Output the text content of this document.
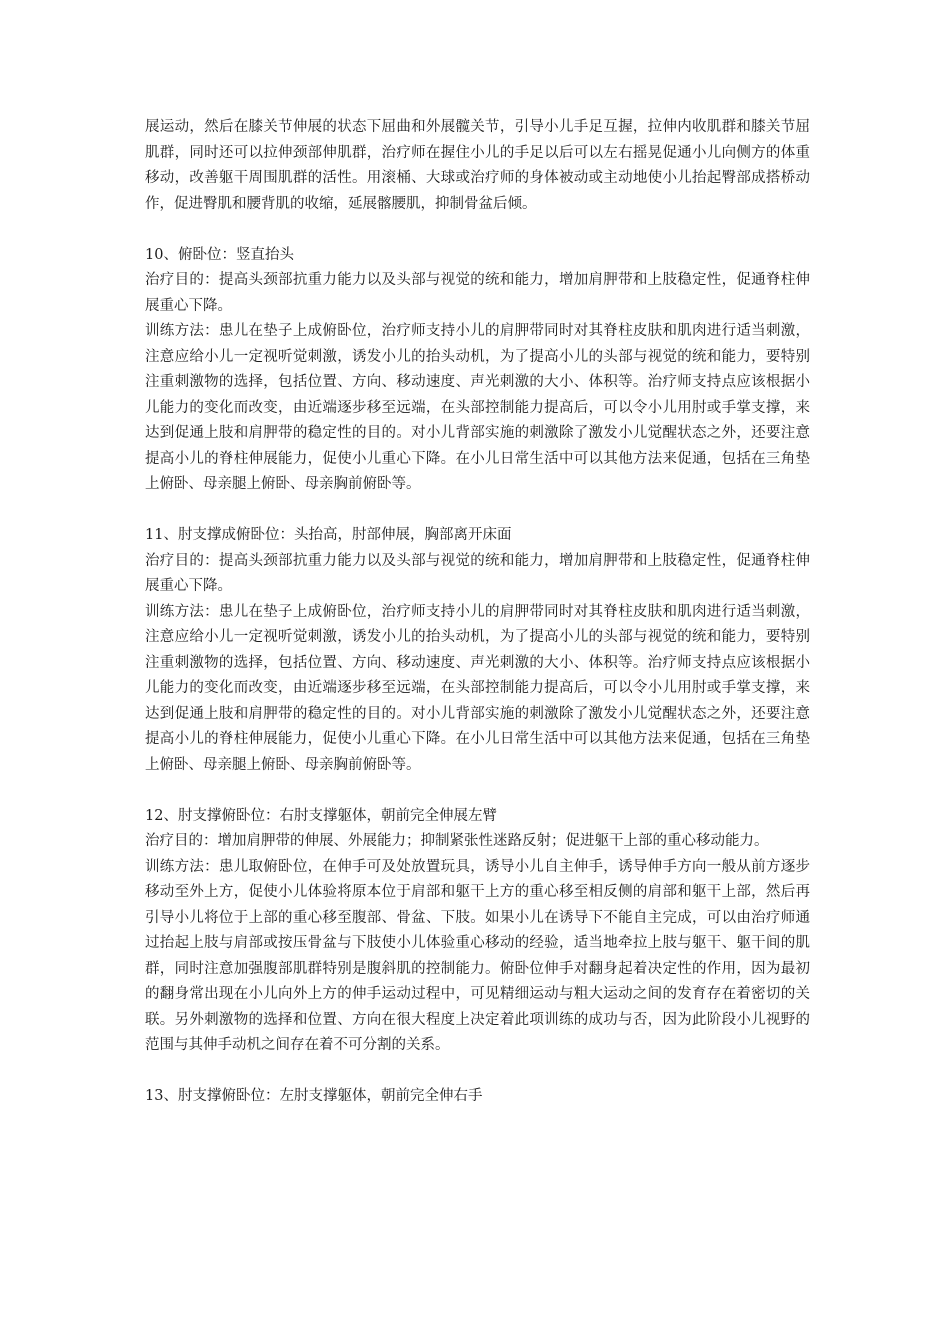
展运动，然后在膝关节伸展的状态下屈曲和外展髋关节，引导小儿手足互握，拉伸内收肌群和膝关节屈肌群，同时还可以拉伸颈部伸肌群，治疗师在握住小儿的手足以后可以左右摇晃促通小儿向侧方的体重移动，改善躯干周围肌群的活性。用滚桶、大球或治疗师的身体被动或主动地使小儿抬起臀部成搭桥动作，促进臀肌和腰背肌的收缩，延展髂腰肌，抑制骨盆后倾。

10、俯卧位：竖直抬头

治疗目的：提高头颈部抗重力能力以及头部与视觉的统和能力，增加肩胛带和上肢稳定性，促通脊柱伸展重心下降。

训练方法：患儿在垫子上成俯卧位，治疗师支持小儿的肩胛带同时对其脊柱皮肤和肌肉进行适当刺激，注意应给小儿一定视听觉刺激，诱发小儿的抬头动机，为了提高小儿的头部与视觉的统和能力，要特别注重刺激物的选择，包括位置、方向、移动速度、声光刺激的大小、体积等。治疗师支持点应该根据小儿能力的变化而改变，由近端逐步移至远端，在头部控制能力提高后，可以令小儿用肘或手掌支撑，来达到促通上肢和肩胛带的稳定性的目的。对小儿背部实施的刺激除了激发小儿觉醒状态之外，还要注意提高小儿的脊柱伸展能力，促使小儿重心下降。在小儿日常生活中可以其他方法来促通，包括在三角垫上俯卧、母亲腿上俯卧、母亲胸前俯卧等。

11、肘支撑成俯卧位：头抬高，肘部伸展，胸部离开床面

治疗目的：提高头颈部抗重力能力以及头部与视觉的统和能力，增加肩胛带和上肢稳定性，促通脊柱伸展重心下降。

训练方法：患儿在垫子上成俯卧位，治疗师支持小儿的肩胛带同时对其脊柱皮肤和肌肉进行适当刺激，注意应给小儿一定视听觉刺激，诱发小儿的抬头动机，为了提高小儿的头部与视觉的统和能力，要特别注重刺激物的选择，包括位置、方向、移动速度、声光刺激的大小、体积等。治疗师支持点应该根据小儿能力的变化而改变，由近端逐步移至远端，在头部控制能力提高后，可以令小儿用肘或手掌支撑，来达到促通上肢和肩胛带的稳定性的目的。对小儿背部实施的刺激除了激发小儿觉醒状态之外，还要注意提高小儿的脊柱伸展能力，促使小儿重心下降。在小儿日常生活中可以其他方法来促通，包括在三角垫上俯卧、母亲腿上俯卧、母亲胸前俯卧等。

12、肘支撑俯卧位：右肘支撑躯体，朝前完全伸展左臂

治疗目的：增加肩胛带的伸展、外展能力；抑制紧张性迷路反射；促进躯干上部的重心移动能力。

训练方法：患儿取俯卧位，在伸手可及处放置玩具，诱导小儿自主伸手，诱导伸手方向一般从前方逐步移动至外上方，促使小儿体验将原本位于肩部和躯干上方的重心移至相反侧的肩部和躯干上部，然后再引导小儿将位于上部的重心移至腹部、骨盆、下肢。如果小儿在诱导下不能自主完成，可以由治疗师通过抬起上肢与肩部或按压骨盆与下肢使小儿体验重心移动的经验，适当地牵拉上肢与躯干、躯干间的肌群，同时注意加强腹部肌群特别是腹斜肌的控制能力。俯卧位伸手对翻身起着决定性的作用，因为最初的翻身常出现在小儿向外上方的伸手运动过程中，可见精细运动与粗大运动之间的发育存在着密切的关联。另外刺激物的选择和位置、方向在很大程度上决定着此项训练的成功与否，因为此阶段小儿视野的范围与其伸手动机之间存在着不可分割的关系。

13、肘支撑俯卧位：左肘支撑躯体，朝前完全伸右手
